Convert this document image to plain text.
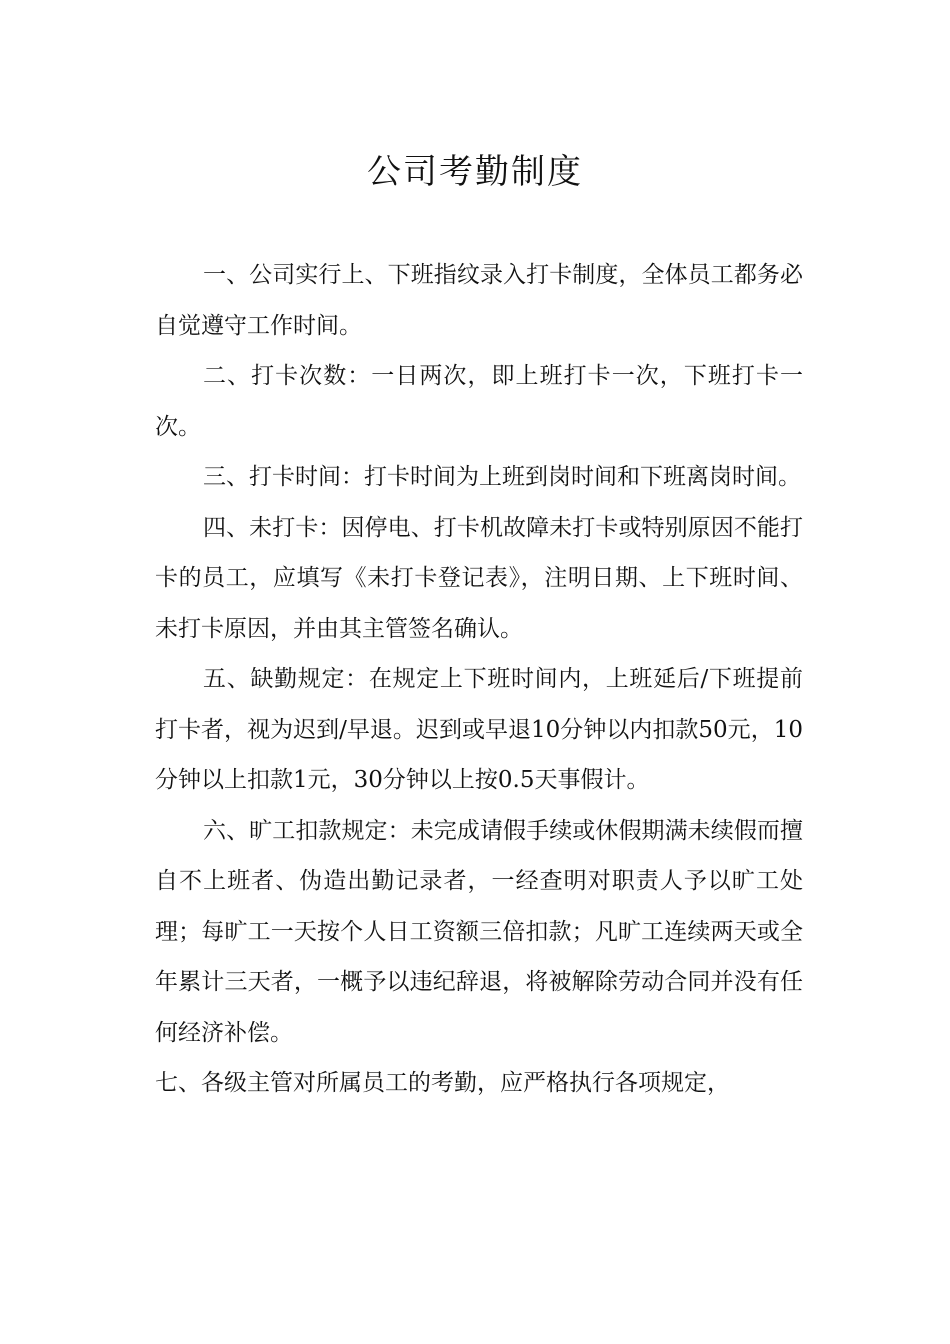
公司考勤制度

一、公司实行上、下班指纹录入打卡制度，全体员工都务必自觉遵守工作时间。

二、打卡次数：一日两次，即上班打卡一次，下班打卡一次。

三、打卡时间：打卡时间为上班到岗时间和下班离岗时间。

四、未打卡：因停电、打卡机故障未打卡或特别原因不能打卡的员工，应填写《未打卡登记表》，注明日期、上下班时间、未打卡原因，并由其主管签名确认。

五、缺勤规定：在规定上下班时间内，上班延后/下班提前打卡者，视为迟到/早退。迟到或早退10分钟以内扣款50元，10分钟以上扣款1元，30分钟以上按0.5天事假计。

六、旷工扣款规定：未完成请假手续或休假期满未续假而擅自不上班者、伪造出勤记录者，一经查明对职责人予以旷工处理；每旷工一天按个人日工资额三倍扣款；凡旷工连续两天或全年累计三天者，一概予以违纪辞退，将被解除劳动合同并没有任何经济补偿。

七、各级主管对所属员工的考勤，应严格执行各项规定，
